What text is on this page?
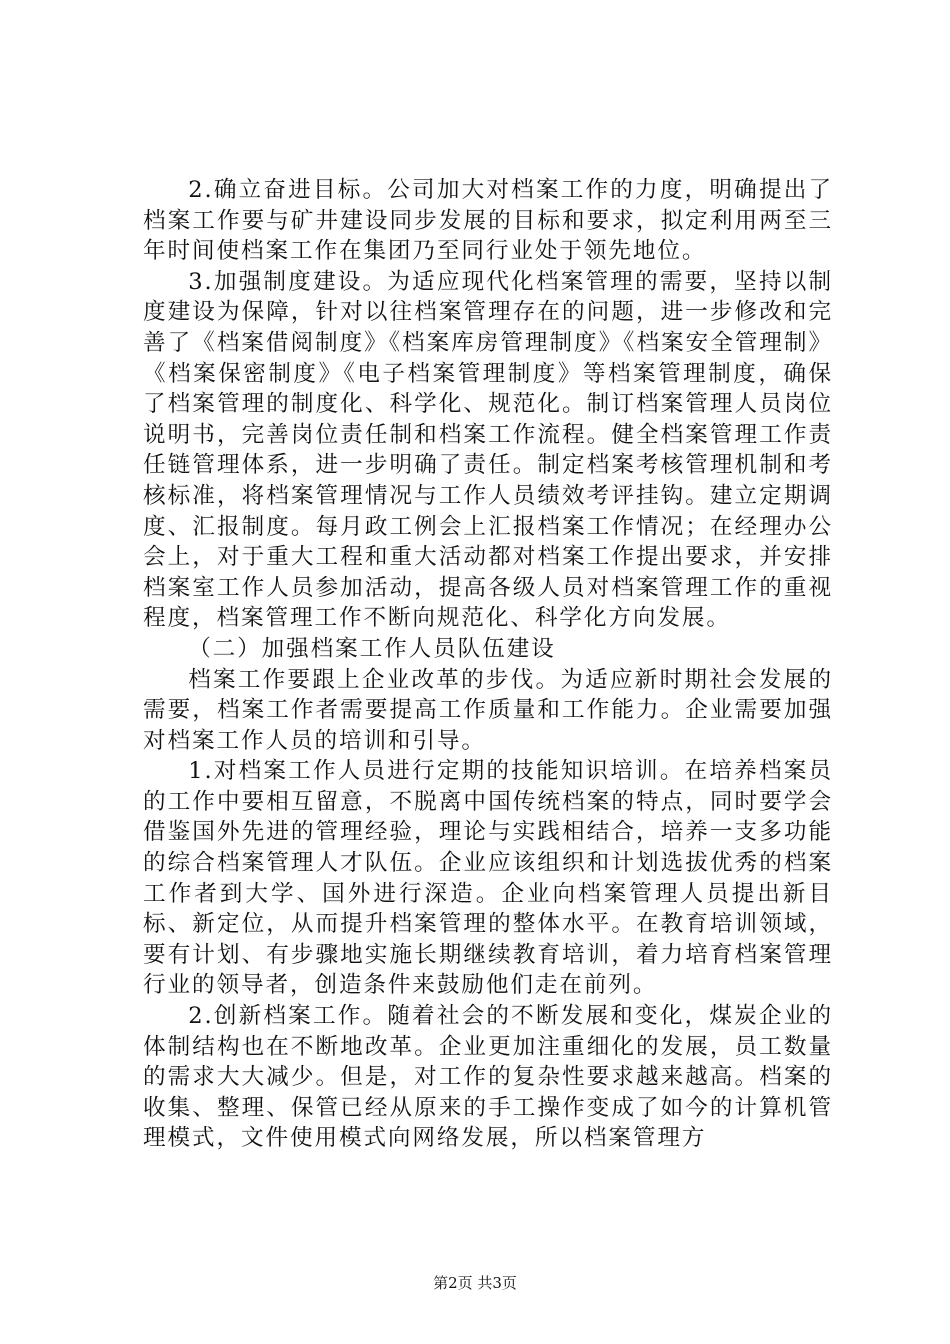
2.确立奋进目标。公司加大对档案工作的力度，明确提出了档案工作要与矿井建设同步发展的目标和要求，拟定利用两至三年时间使档案工作在集团乃至同行业处于领先地位。

3.加强制度建设。为适应现代化档案管理的需要，坚持以制度建设为保障，针对以往档案管理存在的问题，进一步修改和完善了《档案借阅制度》《档案库房管理制度》《档案安全管理制》《档案保密制度》《电子档案管理制度》等档案管理制度，确保了档案管理的制度化、科学化、规范化。制订档案管理人员岗位说明书，完善岗位责任制和档案工作流程。健全档案管理工作责任链管理体系，进一步明确了责任。制定档案考核管理机制和考核标准，将档案管理情况与工作人员绩效考评挂钩。建立定期调度、汇报制度。每月政工例会上汇报档案工作情况；在经理办公会上，对于重大工程和重大活动都对档案工作提出要求，并安排档案室工作人员参加活动，提高各级人员对档案管理工作的重视程度，档案管理工作不断向规范化、科学化方向发展。

（二）加强档案工作人员队伍建设

档案工作要跟上企业改革的步伐。为适应新时期社会发展的需要，档案工作者需要提高工作质量和工作能力。企业需要加强对档案工作人员的培训和引导。

1.对档案工作人员进行定期的技能知识培训。在培养档案员的工作中要相互留意，不脱离中国传统档案的特点，同时要学会借鉴国外先进的管理经验，理论与实践相结合，培养一支多功能的综合档案管理人才队伍。企业应该组织和计划选拔优秀的档案工作者到大学、国外进行深造。企业向档案管理人员提出新目标、新定位，从而提升档案管理的整体水平。在教育培训领域，要有计划、有步骤地实施长期继续教育培训，着力培育档案管理行业的领导者，创造条件来鼓励他们走在前列。

2.创新档案工作。随着社会的不断发展和变化，煤炭企业的体制结构也在不断地改革。企业更加注重细化的发展，员工数量的需求大大减少。但是，对工作的复杂性要求越来越高。档案的收集、整理、保管已经从原来的手工操作变成了如今的计算机管理模式，文件使用模式向网络发展，所以档案管理方

第2页 共3页
